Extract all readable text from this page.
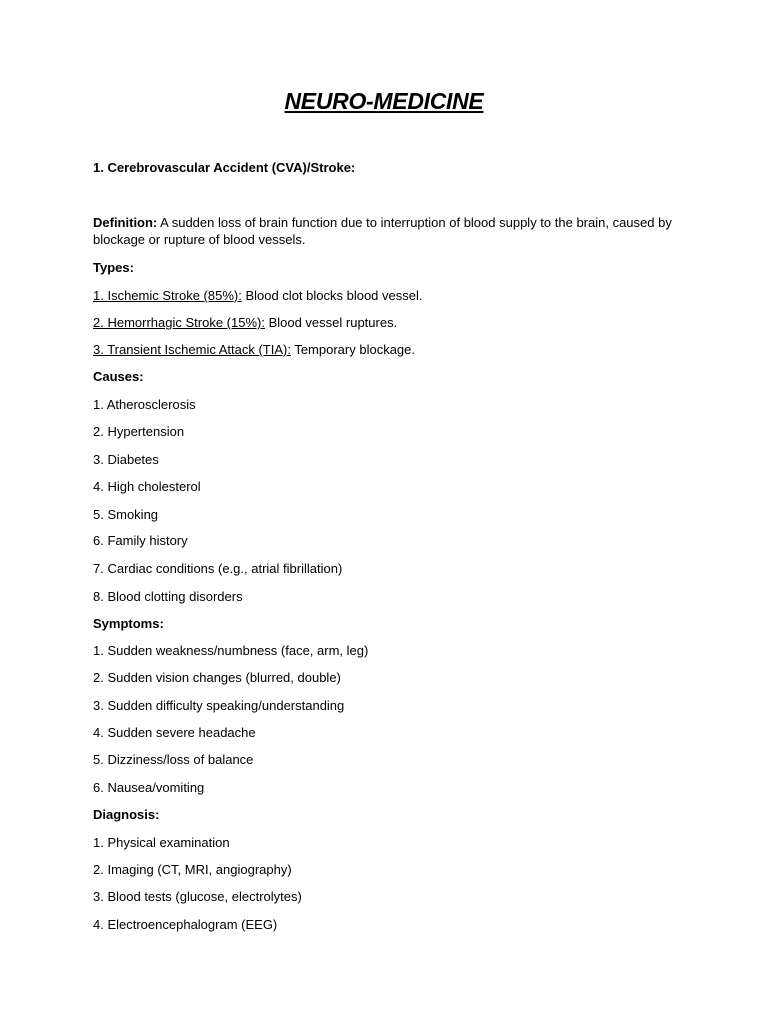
NEURO-MEDICINE
1. Cerebrovascular Accident (CVA)/Stroke:
Definition: A sudden loss of brain function due to interruption of blood supply to the brain, caused by blockage or rupture of blood vessels.
Types:
1. Ischemic Stroke (85%): Blood clot blocks blood vessel.
2. Hemorrhagic Stroke (15%): Blood vessel ruptures.
3. Transient Ischemic Attack (TIA): Temporary blockage.
Causes:
1. Atherosclerosis
2. Hypertension
3. Diabetes
4. High cholesterol
5. Smoking
6. Family history
7. Cardiac conditions (e.g., atrial fibrillation)
8. Blood clotting disorders
Symptoms:
1. Sudden weakness/numbness (face, arm, leg)
2. Sudden vision changes (blurred, double)
3. Sudden difficulty speaking/understanding
4. Sudden severe headache
5. Dizziness/loss of balance
6. Nausea/vomiting
Diagnosis:
1. Physical examination
2. Imaging (CT, MRI, angiography)
3. Blood tests (glucose, electrolytes)
4. Electroencephalogram (EEG)
